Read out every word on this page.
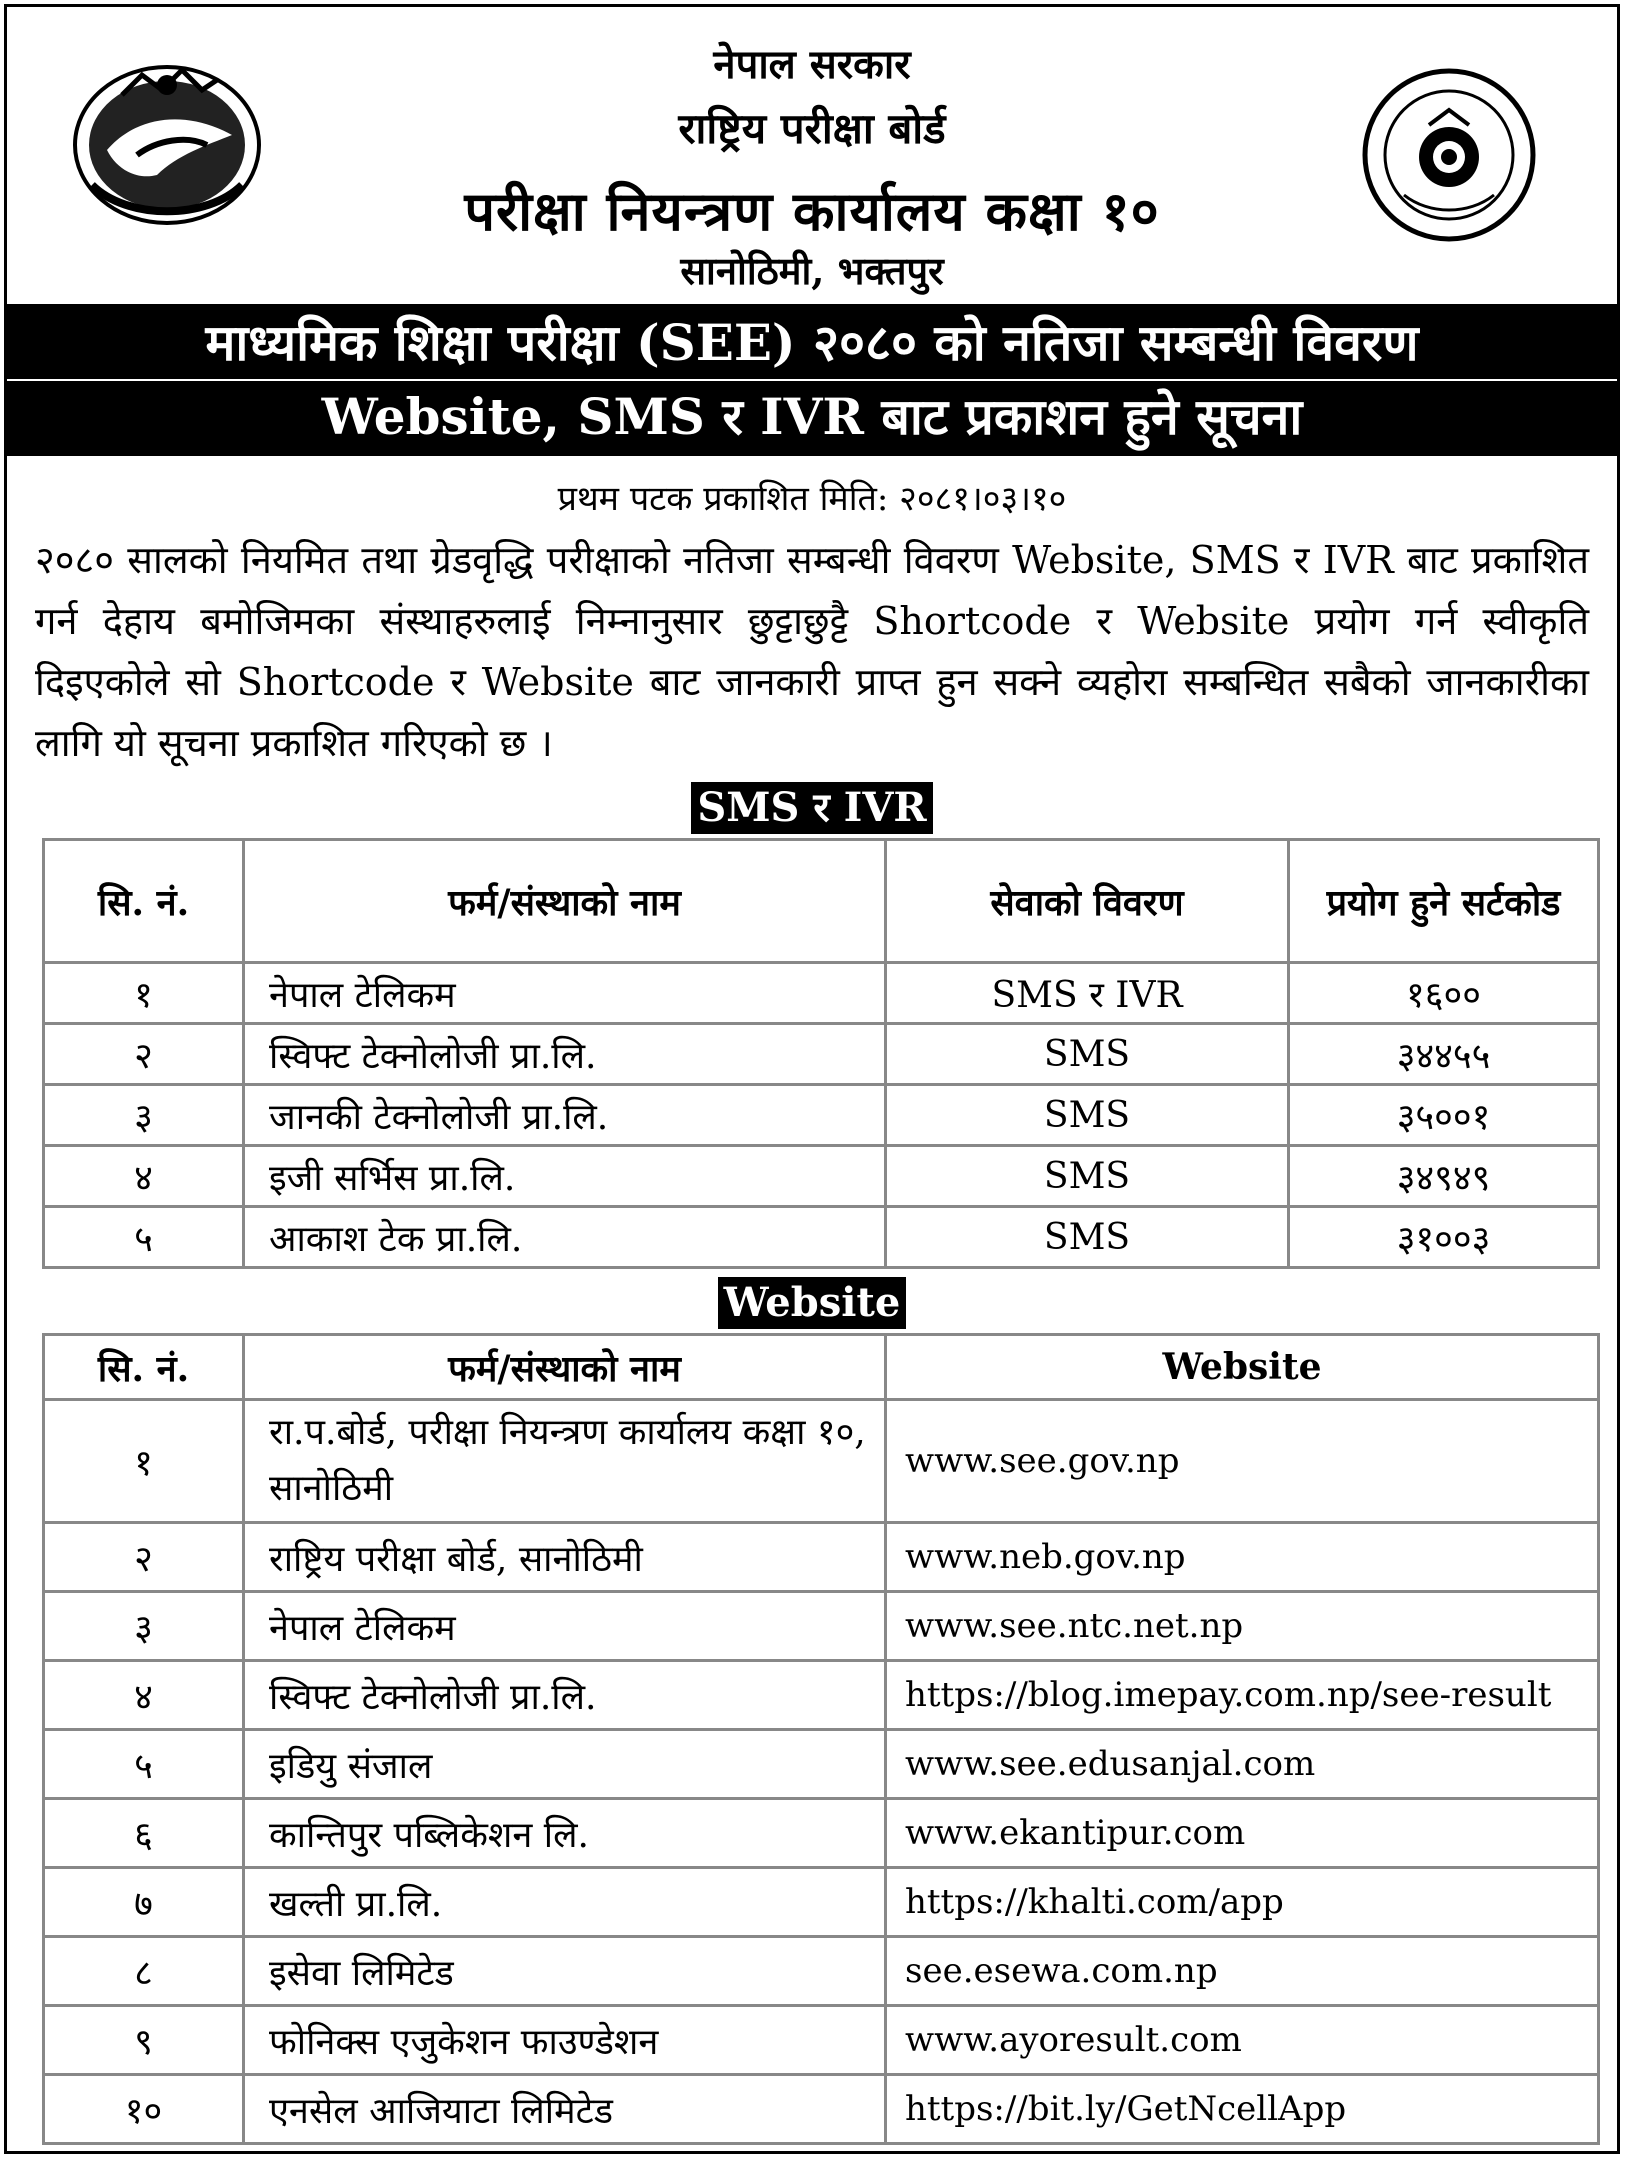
नेपाल सरकार
राष्ट्रिय परीक्षा बोर्ड
परीक्षा नियन्त्रण कार्यालय कक्षा १०
सानोठिमी, भक्तपुर
माध्यमिक शिक्षा परीक्षा (SEE) २०८० को नतिजा सम्बन्धी विवरण
Website, SMS र IVR बाट प्रकाशन हुने सूचना
प्रथम पटक प्रकाशित मिति: २०८१।०३।१०
२०८० सालको नियमित तथा ग्रेडवृद्धि परीक्षाको नतिजा सम्बन्धी विवरण Website, SMS र IVR बाट प्रकाशित गर्न देहाय बमोजिमका संस्थाहरुलाई निम्नानुसार छुट्टाछुट्टै Shortcode र Website प्रयोग गर्न स्वीकृति दिइएकोले सो Shortcode र Website बाट जानकारी प्राप्त हुन सक्ने व्यहोरा सम्बन्धित सबैको जानकारीका लागि यो सूचना प्रकाशित गरिएको छ ।
SMS र IVR
सि. नं.	फर्म/संस्थाको नाम	सेवाको विवरण	प्रयोग हुने सर्टकोड
१	नेपाल टेलिकम	SMS र IVR	१६००
२	स्विफ्ट टेक्नोलोजी प्रा.लि.	SMS	३४४५५
३	जानकी टेक्नोलोजी प्रा.लि.	SMS	३५००१
४	इजी सर्भिस प्रा.लि.	SMS	३४९४९
५	आकाश टेक प्रा.लि.	SMS	३१००३
Website
सि. नं.	फर्म/संस्थाको नाम	Website
१	रा.प.बोर्ड, परीक्षा नियन्त्रण कार्यालय कक्षा १०, सानोठिमी	www.see.gov.np
२	राष्ट्रिय परीक्षा बोर्ड, सानोठिमी	www.neb.gov.np
३	नेपाल टेलिकम	www.see.ntc.net.np
४	स्विफ्ट टेक्नोलोजी प्रा.लि.	https://blog.imepay.com.np/see-result
५	इडियु संजाल	www.see.edusanjal.com
६	कान्तिपुर पब्लिकेशन लि.	www.ekantipur.com
७	खल्ती प्रा.लि.	https://khalti.com/app
८	इसेवा लिमिटेड	see.esewa.com.np
९	फोनिक्स एजुकेशन फाउण्डेशन	www.ayoresult.com
१०	एनसेल आजियाटा लिमिटेड	https://bit.ly/GetNcellApp
